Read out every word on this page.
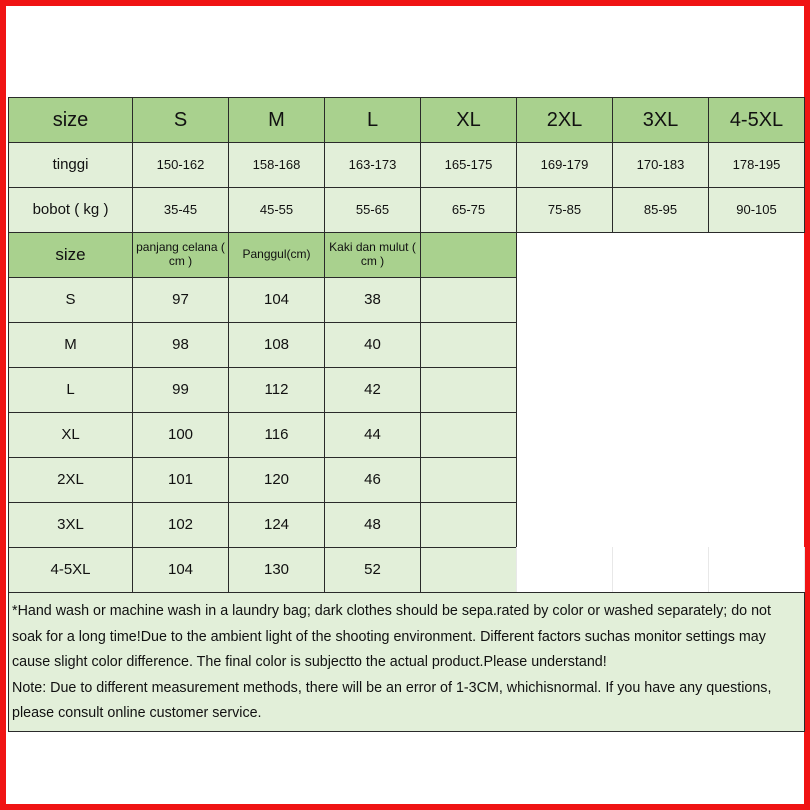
size	S	M	L	XL	2XL	3XL	4-5XL
tinggi	150-162	158-168	163-173	165-175	169-179	170-183	178-195
bobot ( kg )	35-45	45-55	55-65	65-75	75-85	85-95	90-105
size	panjang celana ( cm )	Panggul(cm)	Kaki dan mulut ( cm )
S	97	104	38
M	98	108	40
L	99	112	42
XL	100	116	44
2XL	101	120	46
3XL	102	124	48
4-5XL	104	130	52

*Hand wash or machine wash in a laundry bag; dark clothes should be sepa.rated by color or washed separately; do not soak for a long time!Due to the ambient light of the shooting environment. Different factors suchas monitor settings may cause slight color difference. The final color is subjectto the actual product.Please understand!

Note: Due to different measurement methods, there will be an error of 1-3CM, whichisnormal. If you have any questions, please consult online customer service.
